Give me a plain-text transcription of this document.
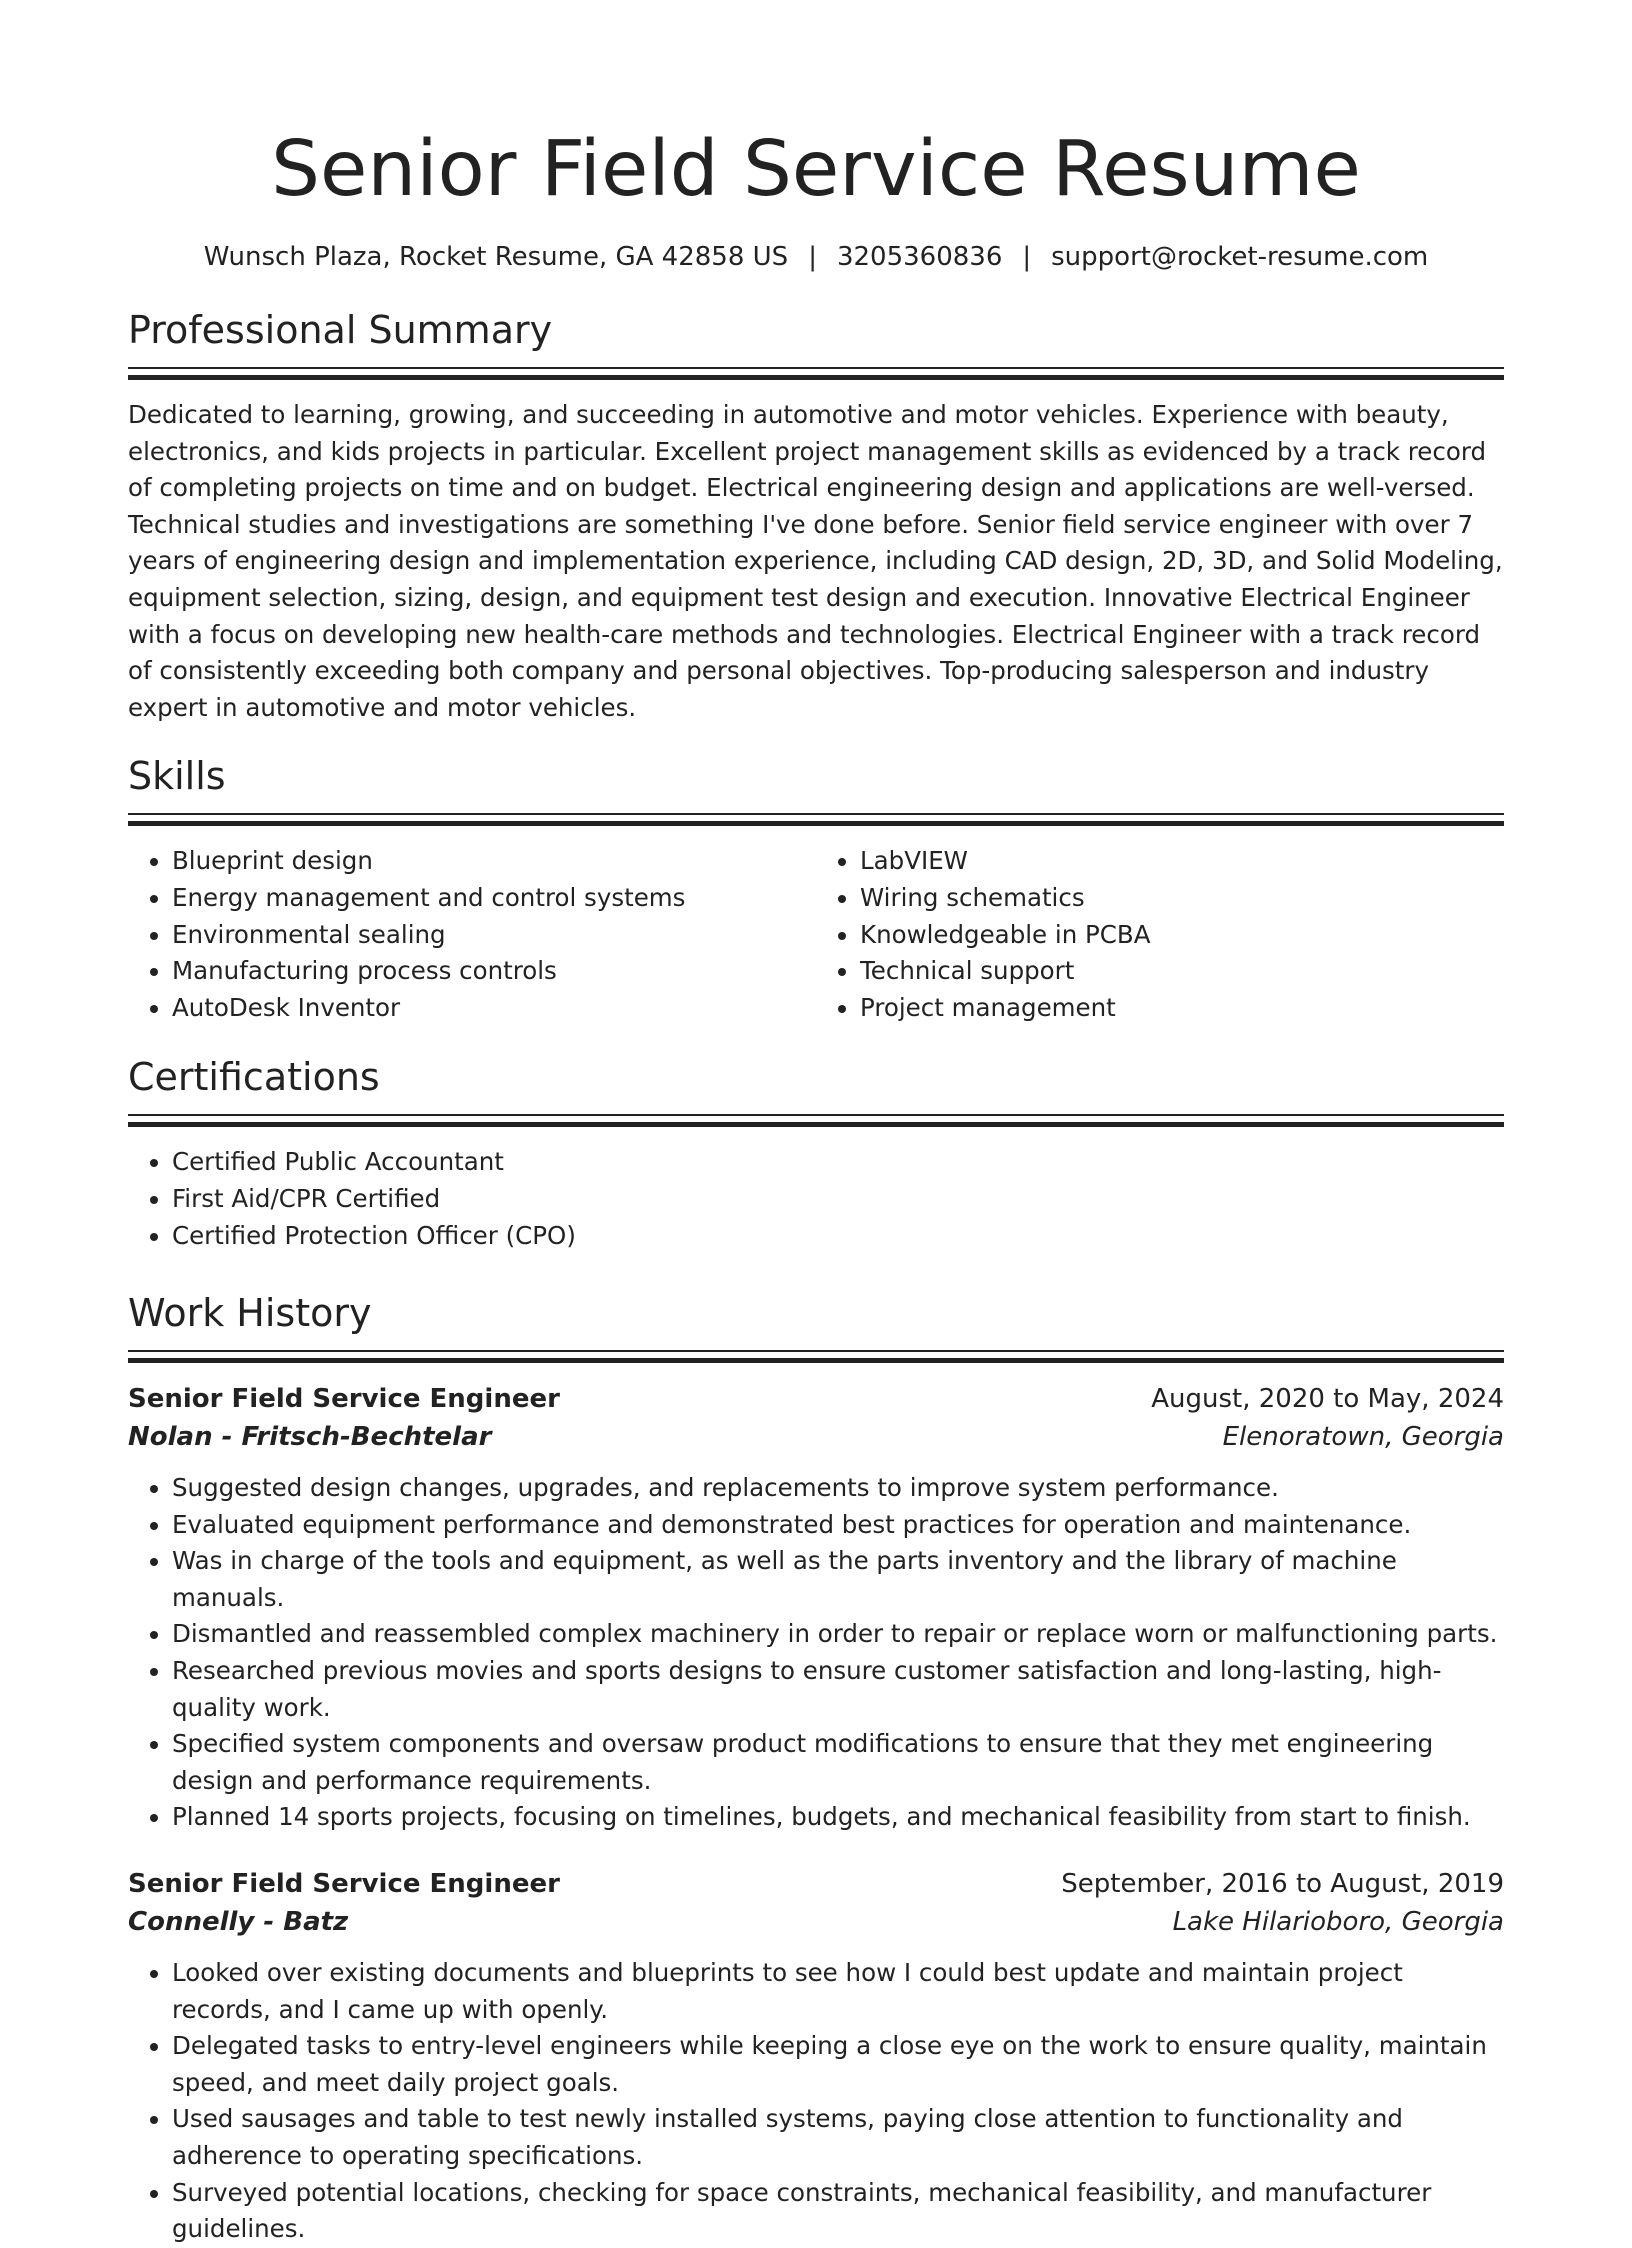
Senior Field Service Resume
Wunsch Plaza, Rocket Resume, GA 42858 US | 3205360836 | support@rocket-resume.com
Professional Summary

Dedicated to learning, growing, and succeeding in automotive and motor vehicles. Experience with beauty, electronics, and kids projects in particular. Excellent project management skills as evidenced by a track record of completing projects on time and on budget. Electrical engineering design and applications are well-versed. Technical studies and investigations are something I've done before. Senior field service engineer with over 7 years of engineering design and implementation experience, including CAD design, 2D, 3D, and Solid Modeling, equipment selection, sizing, design, and equipment test design and execution. Innovative Electrical Engineer with a focus on developing new health-care methods and technologies. Electrical Engineer with a track record of consistently exceeding both company and personal objectives. Top-producing salesperson and industry expert in automotive and motor vehicles.

Skills
• Blueprint design
• Energy management and control systems
• Environmental sealing
• Manufacturing process controls
• AutoDesk Inventor
• LabVIEW
• Wiring schematics
• Knowledgeable in PCBA
• Technical support
• Project management
Certifications
• Certified Public Accountant
• First Aid/CPR Certified
• Certified Protection Officer (CPO)
Work History
Senior Field Service Engineer	August, 2020 to May, 2024
Nolan - Fritsch-Bechtelar	Elenoratown, Georgia
• Suggested design changes, upgrades, and replacements to improve system performance.
• Evaluated equipment performance and demonstrated best practices for operation and maintenance.
• Was in charge of the tools and equipment, as well as the parts inventory and the library of machine manuals.
• Dismantled and reassembled complex machinery in order to repair or replace worn or malfunctioning parts.
• Researched previous movies and sports designs to ensure customer satisfaction and long-lasting, high-quality work.
• Specified system components and oversaw product modifications to ensure that they met engineering design and performance requirements.
• Planned 14 sports projects, focusing on timelines, budgets, and mechanical feasibility from start to finish.
Senior Field Service Engineer	September, 2016 to August, 2019
Connelly - Batz	Lake Hilarioboro, Georgia
• Looked over existing documents and blueprints to see how I could best update and maintain project records, and I came up with openly.
• Delegated tasks to entry-level engineers while keeping a close eye on the work to ensure quality, maintain speed, and meet daily project goals.
• Used sausages and table to test newly installed systems, paying close attention to functionality and adherence to operating specifications.
• Surveyed potential locations, checking for space constraints, mechanical feasibility, and manufacturer guidelines.
